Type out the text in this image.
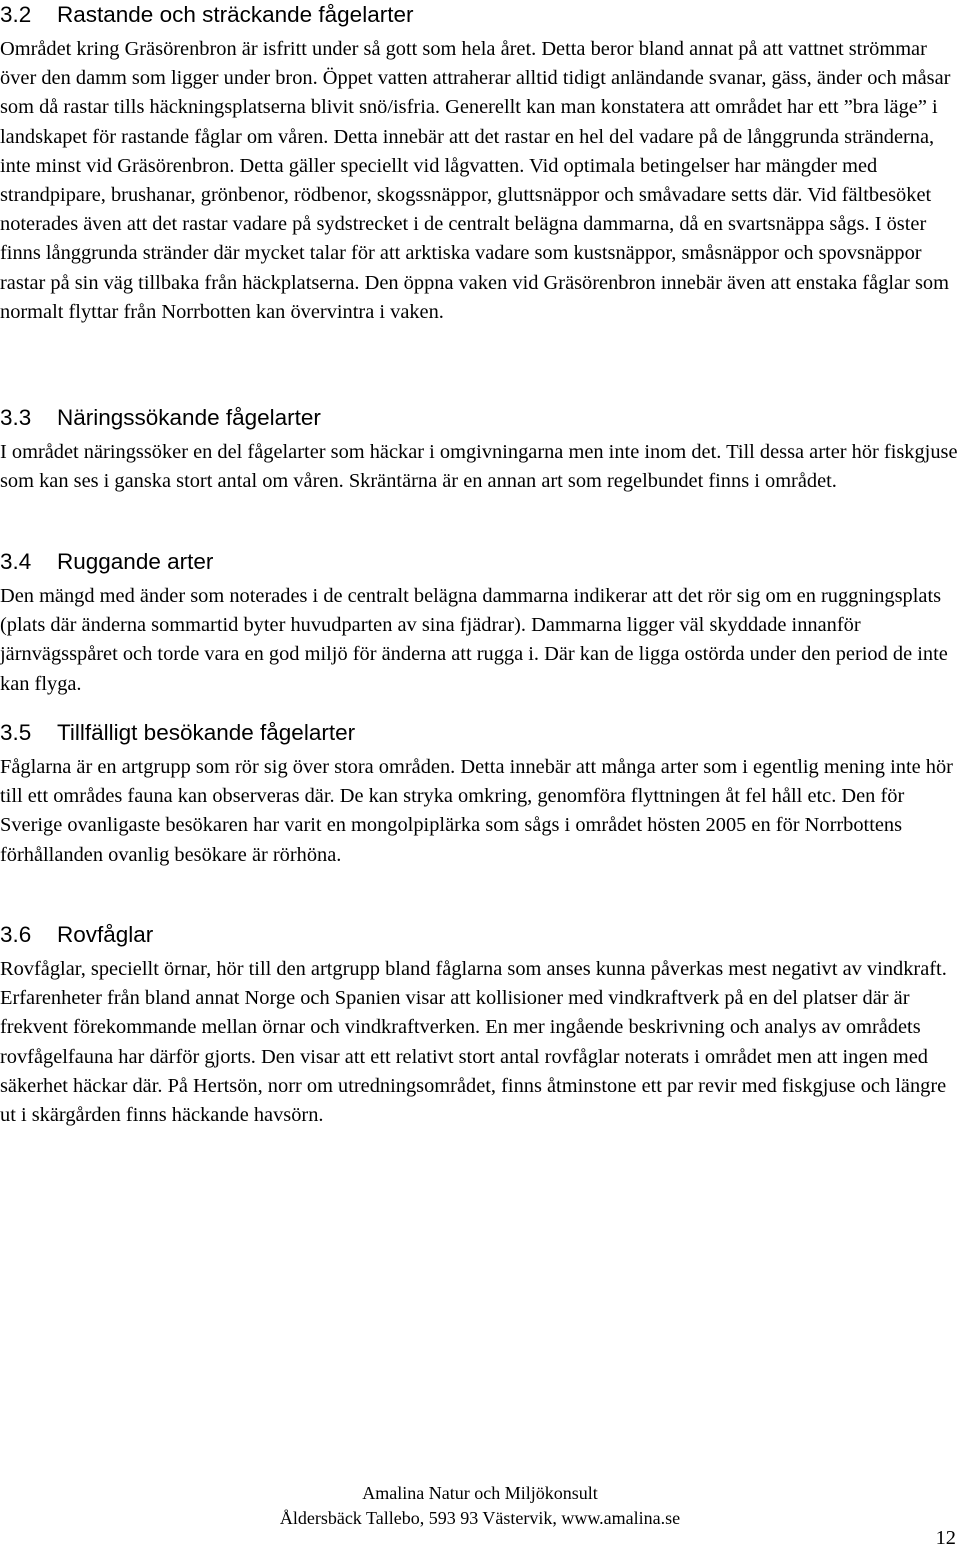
3.2 Rastande och sträckande fågelarter

Området kring Gräsörenbron är isfritt under så gott som hela året. Detta beror bland annat på att vattnet strömmar över den damm som ligger under bron. Öppet vatten attraherar alltid tidigt anländande svanar, gäss, änder och måsar som då rastar tills häckningsplatserna blivit snö/isfria. Generellt kan man konstatera att området har ett ”bra läge” i landskapet för rastande fåglar om våren. Detta innebär att det rastar en hel del vadare på de långgrunda stränderna, inte minst vid Gräsörenbron. Detta gäller speciellt vid lågvatten. Vid optimala betingelser har mängder med strandpipare, brushanar, grönbenor, rödbenor, skogssnäppor, gluttsnäppor och småvadare setts där. Vid fältbesöket noterades även att det rastar vadare på sydstrecket i de centralt belägna dammarna, då en svartsnäppa sågs. I öster finns långgrunda stränder där mycket talar för att arktiska vadare som kustsnäppor, småsnäppor och spovsnäppor rastar på sin väg tillbaka från häckplatserna. Den öppna vaken vid Gräsörenbron innebär även att enstaka fåglar som normalt flyttar från Norrbotten kan övervintra i vaken.

3.3 Näringssökande fågelarter

I området näringssöker en del fågelarter som häckar i omgivningarna men inte inom det. Till dessa arter hör fiskgjuse som kan ses i ganska stort antal om våren. Skräntärna är en annan art som regelbundet finns i området.

3.4 Ruggande arter

Den mängd med änder som noterades i de centralt belägna dammarna indikerar att det rör sig om en ruggningsplats (plats där änderna sommartid byter huvudparten av sina fjädrar). Dammarna ligger väl skyddade innanför järnvägsspåret och torde vara en god miljö för änderna att rugga i. Där kan de ligga ostörda under den period de inte kan flyga.

3.5 Tillfälligt besökande fågelarter

Fåglarna är en artgrupp som rör sig över stora områden. Detta innebär att många arter som i egentlig mening inte hör till ett områdes fauna kan observeras där. De kan stryka omkring, genomföra flyttningen åt fel håll etc. Den för Sverige ovanligaste besökaren har varit en mongolpiplärka som sågs i området hösten 2005 en för Norrbottens förhållanden ovanlig besökare är rörhöna.

3.6 Rovfåglar

Rovfåglar, speciellt örnar, hör till den artgrupp bland fåglarna som anses kunna påverkas mest negativt av vindkraft. Erfarenheter från bland annat Norge och Spanien visar att kollisioner med vindkraftverk på en del platser där är frekvent förekommande mellan örnar och vindkraftverken. En mer ingående beskrivning och analys av områdets rovfågelfauna har därför gjorts. Den visar att ett relativt stort antal rovfåglar noterats i området men att ingen med säkerhet häckar där. På Hertsön, norr om utredningsområdet, finns åtminstone ett par revir med fiskgjuse och längre ut i skärgården finns häckande havsörn.

Amalina Natur och Miljökonsult
Åldersbäck Tallebo, 593 93 Västervik, www.amalina.se
12
